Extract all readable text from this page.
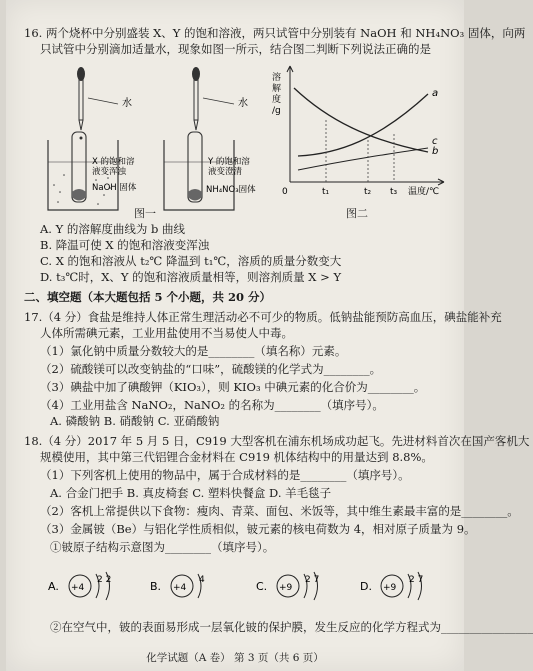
16. 两个烧杯中分别盛装 X、Y 的饱和溶液，两只试管中分别装有 NaOH 和 NH₄NO₃ 固体，向两
只试管中分别滴加适量水，现象如图一所示，结合图二判断下列说法正确的是
水	水
X 的饱和溶
液变浑浊
NaOH 固体
Y 的饱和溶
液变澄清
NH₄NO₃固体
图一
溶
解
度
/g
a
b
c
0	t₁	t₂ t₃ 温度/℃
图二
A. Y 的溶解度曲线为 b 曲线
B. 降温可使 X 的饱和溶液变浑浊
C. X 的饱和溶液从 t₂℃ 降温到 t₁℃，溶质的质量分数变大
D. t₃℃时，X、Y 的饱和溶液质量相等，则溶剂质量 X > Y
二、填空题（本大题包括 5 个小题，共 20 分）
17.（4 分）食盐是维持人体正常生理活动必不可少的物质。低钠盐能预防高血压，碘盐能补充
人体所需碘元素，工业用盐使用不当易使人中毒。
（1）氯化钠中质量分数较大的是________（填名称）元素。
（2）硫酸镁可以改变钠盐的“口味”，硫酸镁的化学式为________。
（3）碘盐中加了碘酸钾（KIO₃），则 KIO₃ 中碘元素的化合价为________。
（4）工业用盐含 NaNO₂，NaNO₂ 的名称为________（填序号）。
A. 磷酸钠 B. 硝酸钠 C. 亚硝酸钠
18.（4 分）2017 年 5 月 5 日，C919 大型客机在浦东机场成功起飞。先进材料首次在国产客机大
规模使用，其中第三代铝锂合金材料在 C919 机体结构中的用量达到 8.8%。
（1）下列客机上使用的物品中，属于合成材料的是________（填序号）。
A. 合金门把手 B. 真皮椅套 C. 塑料快餐盒 D. 羊毛毯子
（2）客机上常提供以下食物：瘦肉、青菜、面包、米饭等，其中维生素最丰富的是________。
（3）金属铍（Be）与铝化学性质相似，铍元素的核电荷数为 4，相对原子质量为 9。
①铍原子结构示意图为________（填序号）。
A. +4
2 2	B. +4
4	C. +9
2 7	D. +9
2 7
②在空气中，铍的表面易形成一层氧化铍的保护膜，发生反应的化学方程式为________________
化学试题（A 卷） 第 3 页（共 6 页）
